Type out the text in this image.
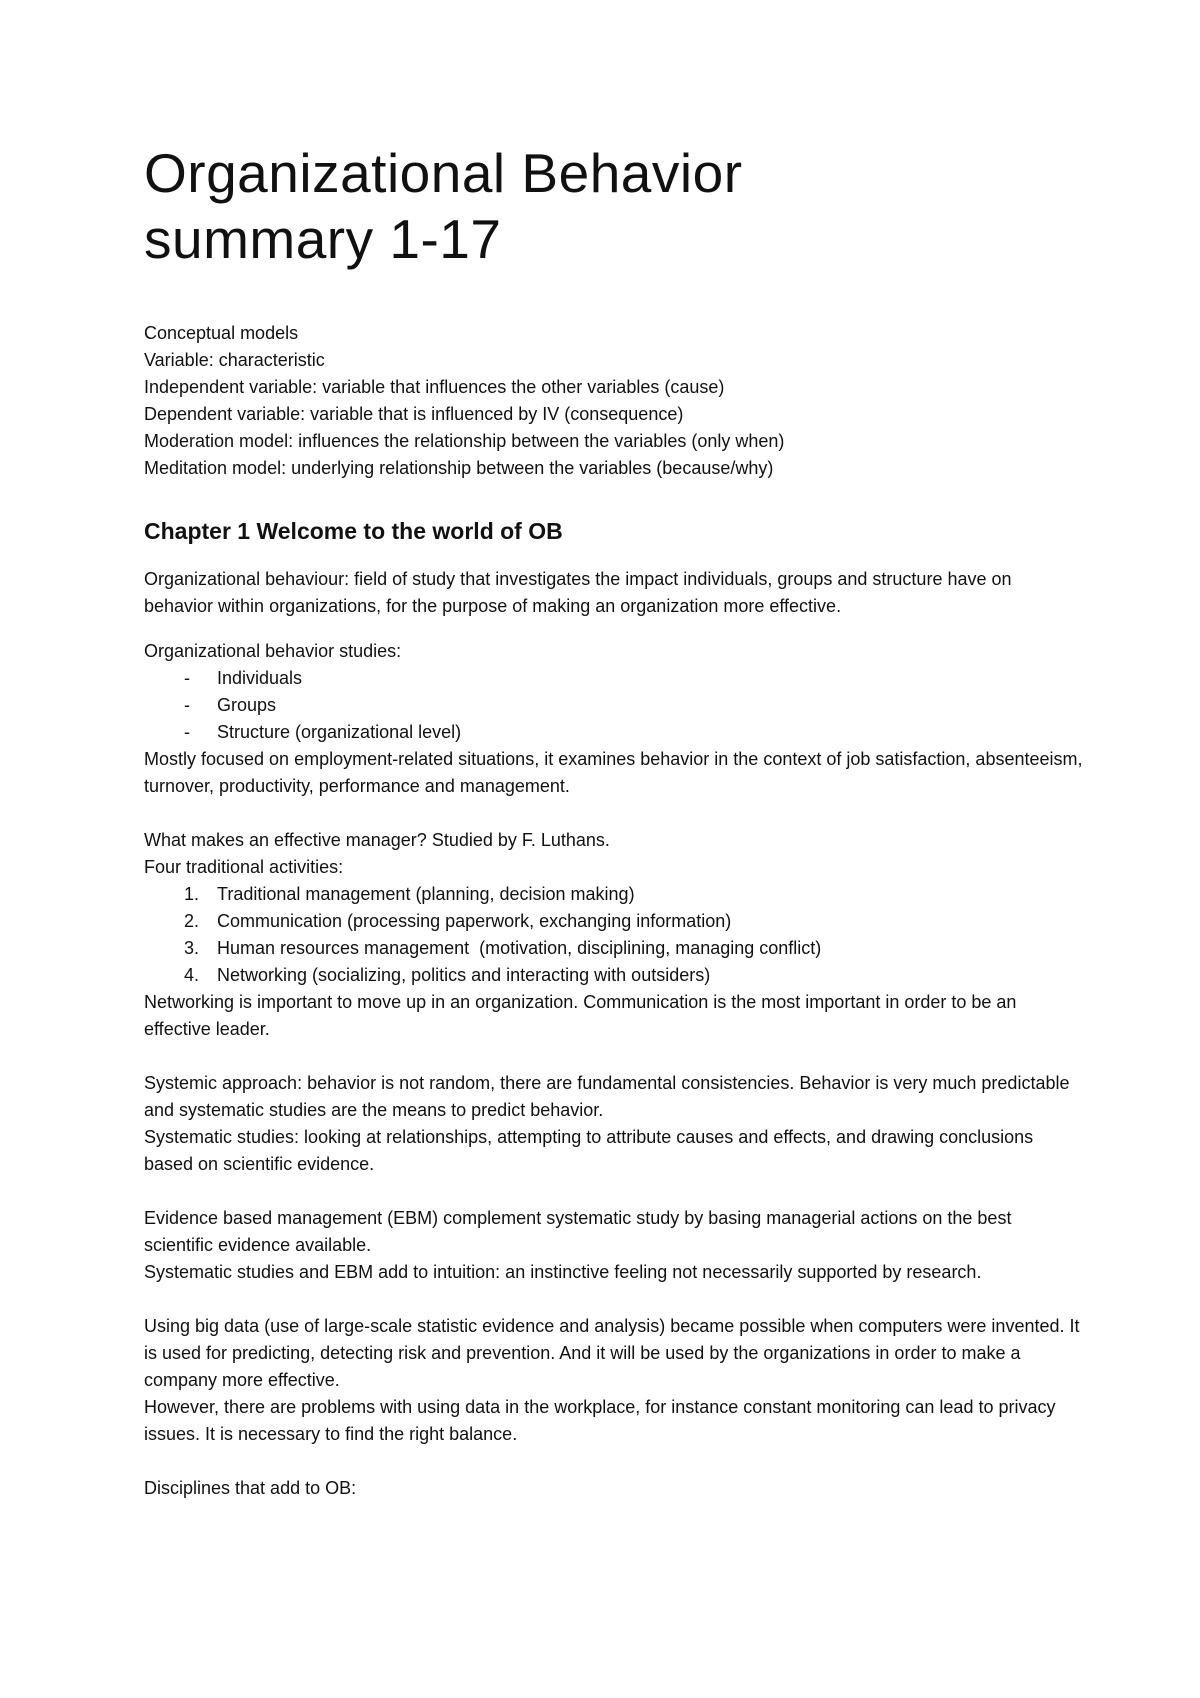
Organizational Behavior
summary 1-17
Conceptual models
Variable: characteristic
Independent variable: variable that influences the other variables (cause)
Dependent variable: variable that is influenced by IV (consequence)
Moderation model: influences the relationship between the variables (only when)
Meditation model: underlying relationship between the variables (because/why)
Chapter 1 Welcome to the world of OB

Organizational behaviour: field of study that investigates the impact individuals, groups and structure have on behavior within organizations, for the purpose of making an organization more effective.

Organizational behavior studies:

-	Individuals
-	Groups
-	Structure (organizational level)

Mostly focused on employment-related situations, it examines behavior in the context of job satisfaction, absenteeism, turnover, productivity, performance and management.

What makes an effective manager? Studied by F. Luthans.

Four traditional activities:

1. Traditional management (planning, decision making)
2. Communication (processing paperwork, exchanging information)
3. Human resources management  (motivation, disciplining, managing conflict)
4. Networking (socializing, politics and interacting with outsiders)

Networking is important to move up in an organization. Communication is the most important in order to be an effective leader.

Systemic approach: behavior is not random, there are fundamental consistencies. Behavior is very much predictable and systematic studies are the means to predict behavior.

Systematic studies: looking at relationships, attempting to attribute causes and effects, and drawing conclusions based on scientific evidence.

Evidence based management (EBM) complement systematic study by basing managerial actions on the best scientific evidence available.

Systematic studies and EBM add to intuition: an instinctive feeling not necessarily supported by research.

Using big data (use of large-scale statistic evidence and analysis) became possible when computers were invented. It is used for predicting, detecting risk and prevention. And it will be used by the organizations in order to make a company more effective.

However, there are problems with using data in the workplace, for instance constant monitoring can lead to privacy issues. It is necessary to find the right balance.

Disciplines that add to OB:
